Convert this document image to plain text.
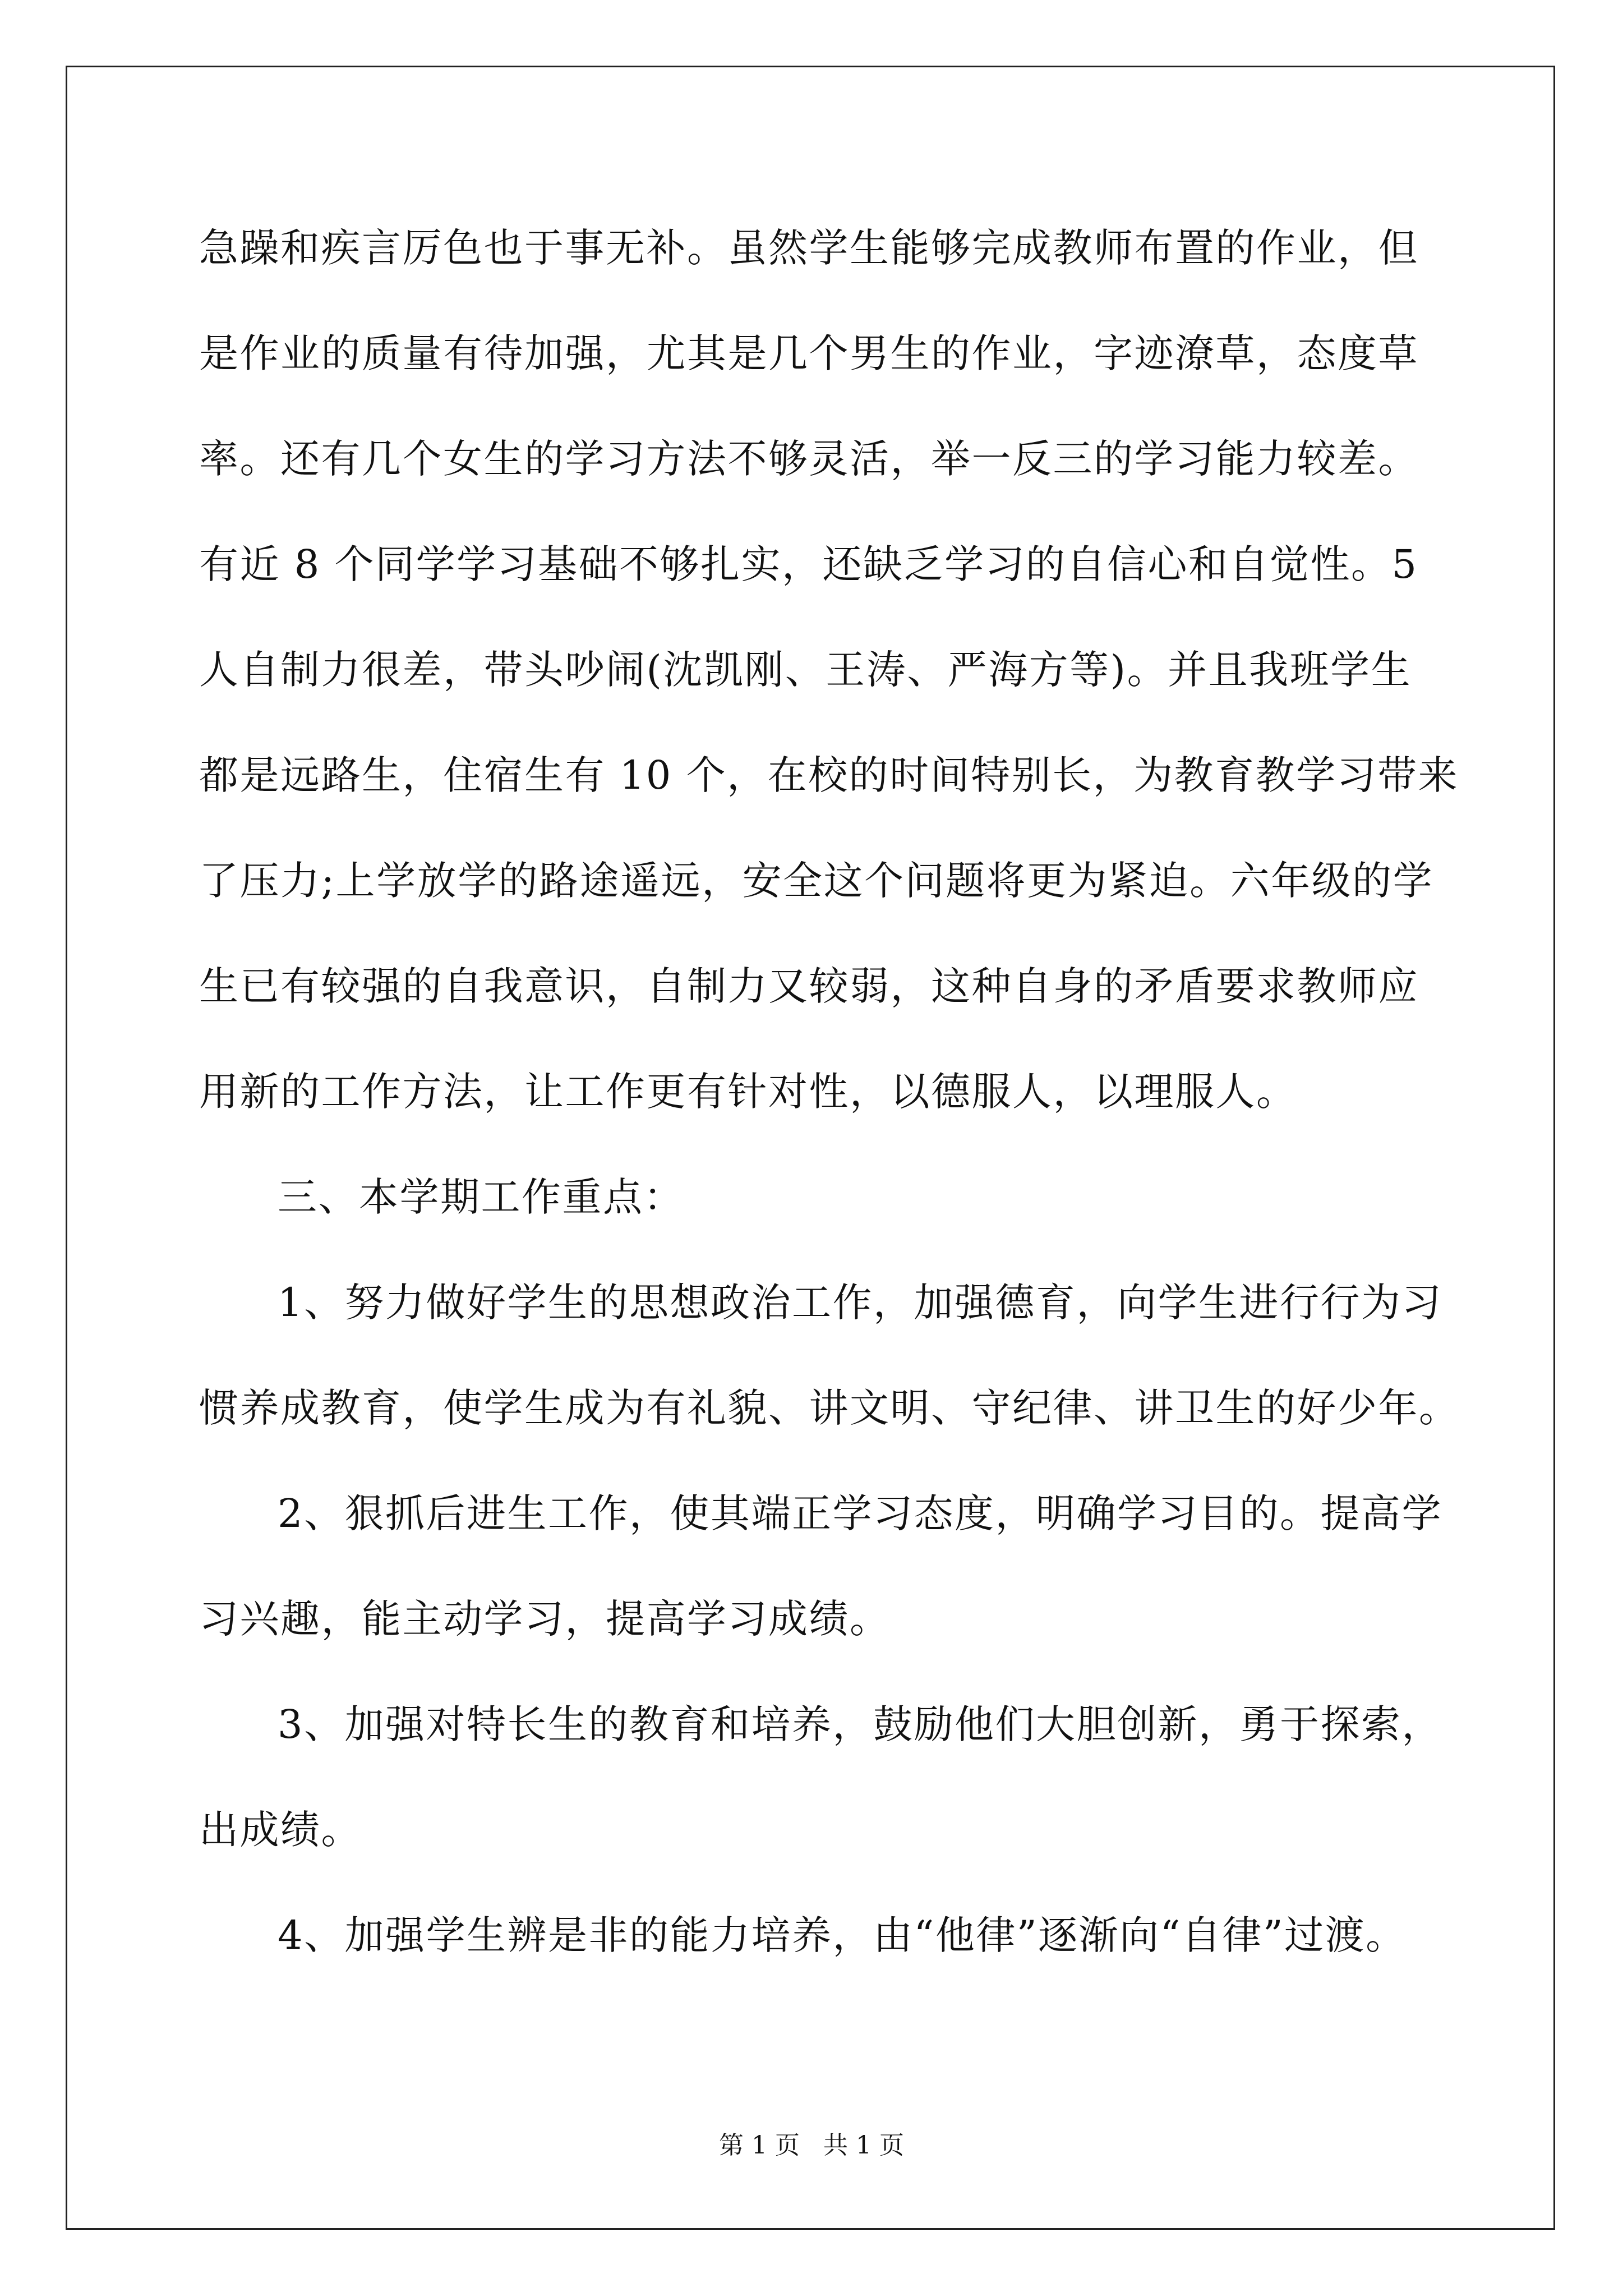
急躁和疾言厉色也于事无补。虽然学生能够完成教师布置的作业，但
是作业的质量有待加强，尤其是几个男生的作业，字迹潦草，态度草
率。还有几个女生的学习方法不够灵活，举一反三的学习能力较差。
有近 8 个同学学习基础不够扎实，还缺乏学习的自信心和自觉性。5
人自制力很差，带头吵闹(沈凯刚、王涛、严海方等)。并且我班学生
都是远路生，住宿生有 10 个，在校的时间特别长，为教育教学习带来
了压力;上学放学的路途遥远，安全这个问题将更为紧迫。六年级的学
生已有较强的自我意识，自制力又较弱，这种自身的矛盾要求教师应
用新的工作方法，让工作更有针对性，以德服人，以理服人。
三、本学期工作重点：
1、努力做好学生的思想政治工作，加强德育，向学生进行行为习
惯养成教育，使学生成为有礼貌、讲文明、守纪律、讲卫生的好少年。
2、狠抓后进生工作，使其端正学习态度，明确学习目的。提高学
习兴趣，能主动学习，提高学习成绩。
3、加强对特长生的教育和培养，鼓励他们大胆创新，勇于探索，
出成绩。
4、加强学生辨是非的能力培养，由“他律”逐渐向“自律”过渡。
第 1 页   共 1 页
